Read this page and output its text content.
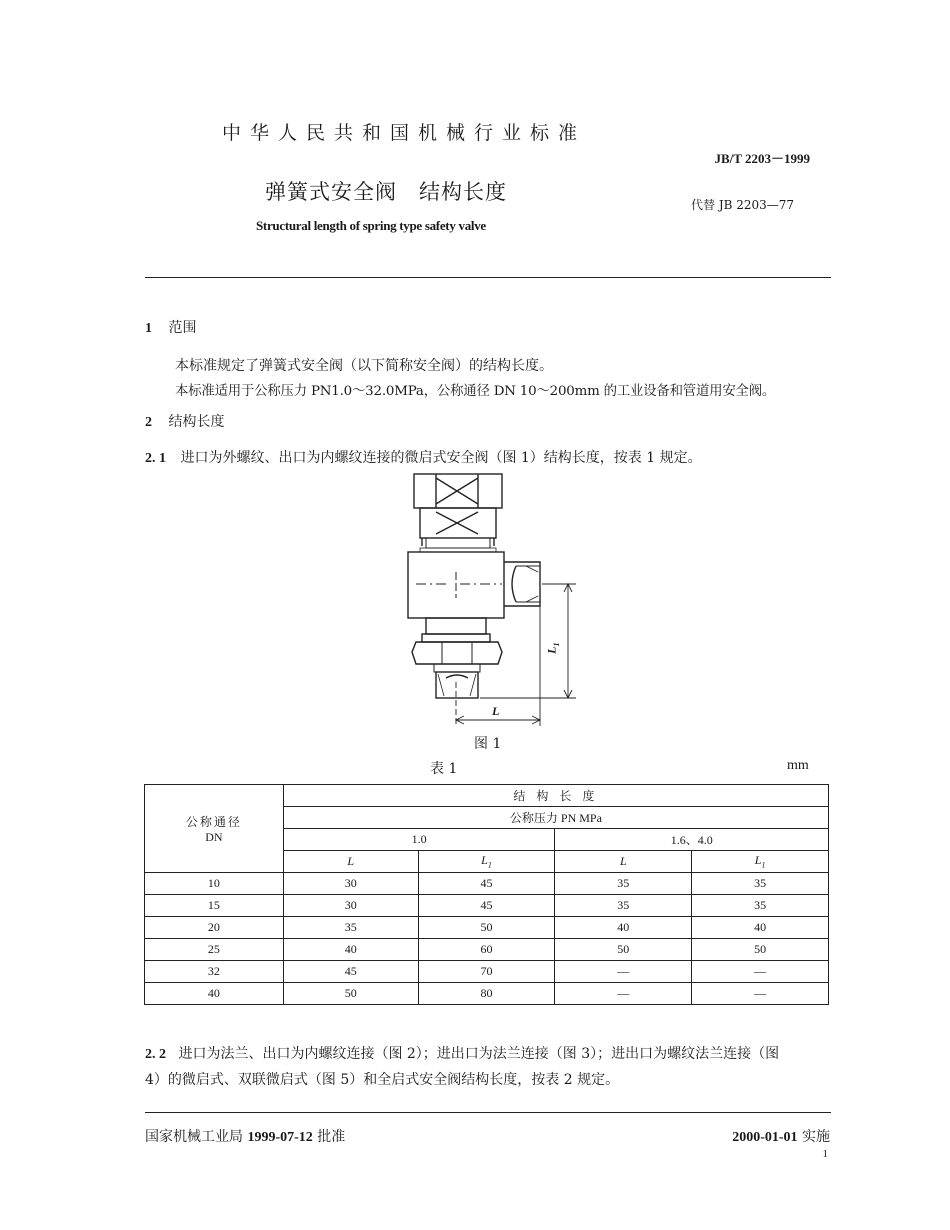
中华人民共和国机械行业标准
JB/T 2203－1999
弹簧式安全阀　结构长度
代替 JB 2203—77
Structural length of spring type safety valve
1 范围
本标准规定了弹簧式安全阀（以下简称安全阀）的结构长度。
本标准适用于公称压力 PN1.0～32.0MPa，公称通径 DN 10～200mm 的工业设备和管道用安全阀。
2 结构长度
2. 1 进口为外螺纹、出口为内螺纹连接的微启式安全阀（图 1）结构长度，按表 1 规定。
$L_1$
L
图 1
表 1	mm
公称通径
DN	结 构 长 度			
	公称压力 PN MPa			
	1.0		1.6、4.0	
	L	$L_1$	L	$L_1$
10	30	45	35	35
15	30	45	35	35
20	35	50	40	40
25	40	60	50	50
32	45	70	—	—
40	50	80	—	—
2. 2 进口为法兰、出口为内螺纹连接（图 2）；进出口为法兰连接（图 3）；进出口为螺纹法兰连接（图
4）的微启式、双联微启式（图 5）和全启式安全阀结构长度，按表 2 规定。
国家机械工业局 1999-07-12 批准	2000-01-01 实施
1
